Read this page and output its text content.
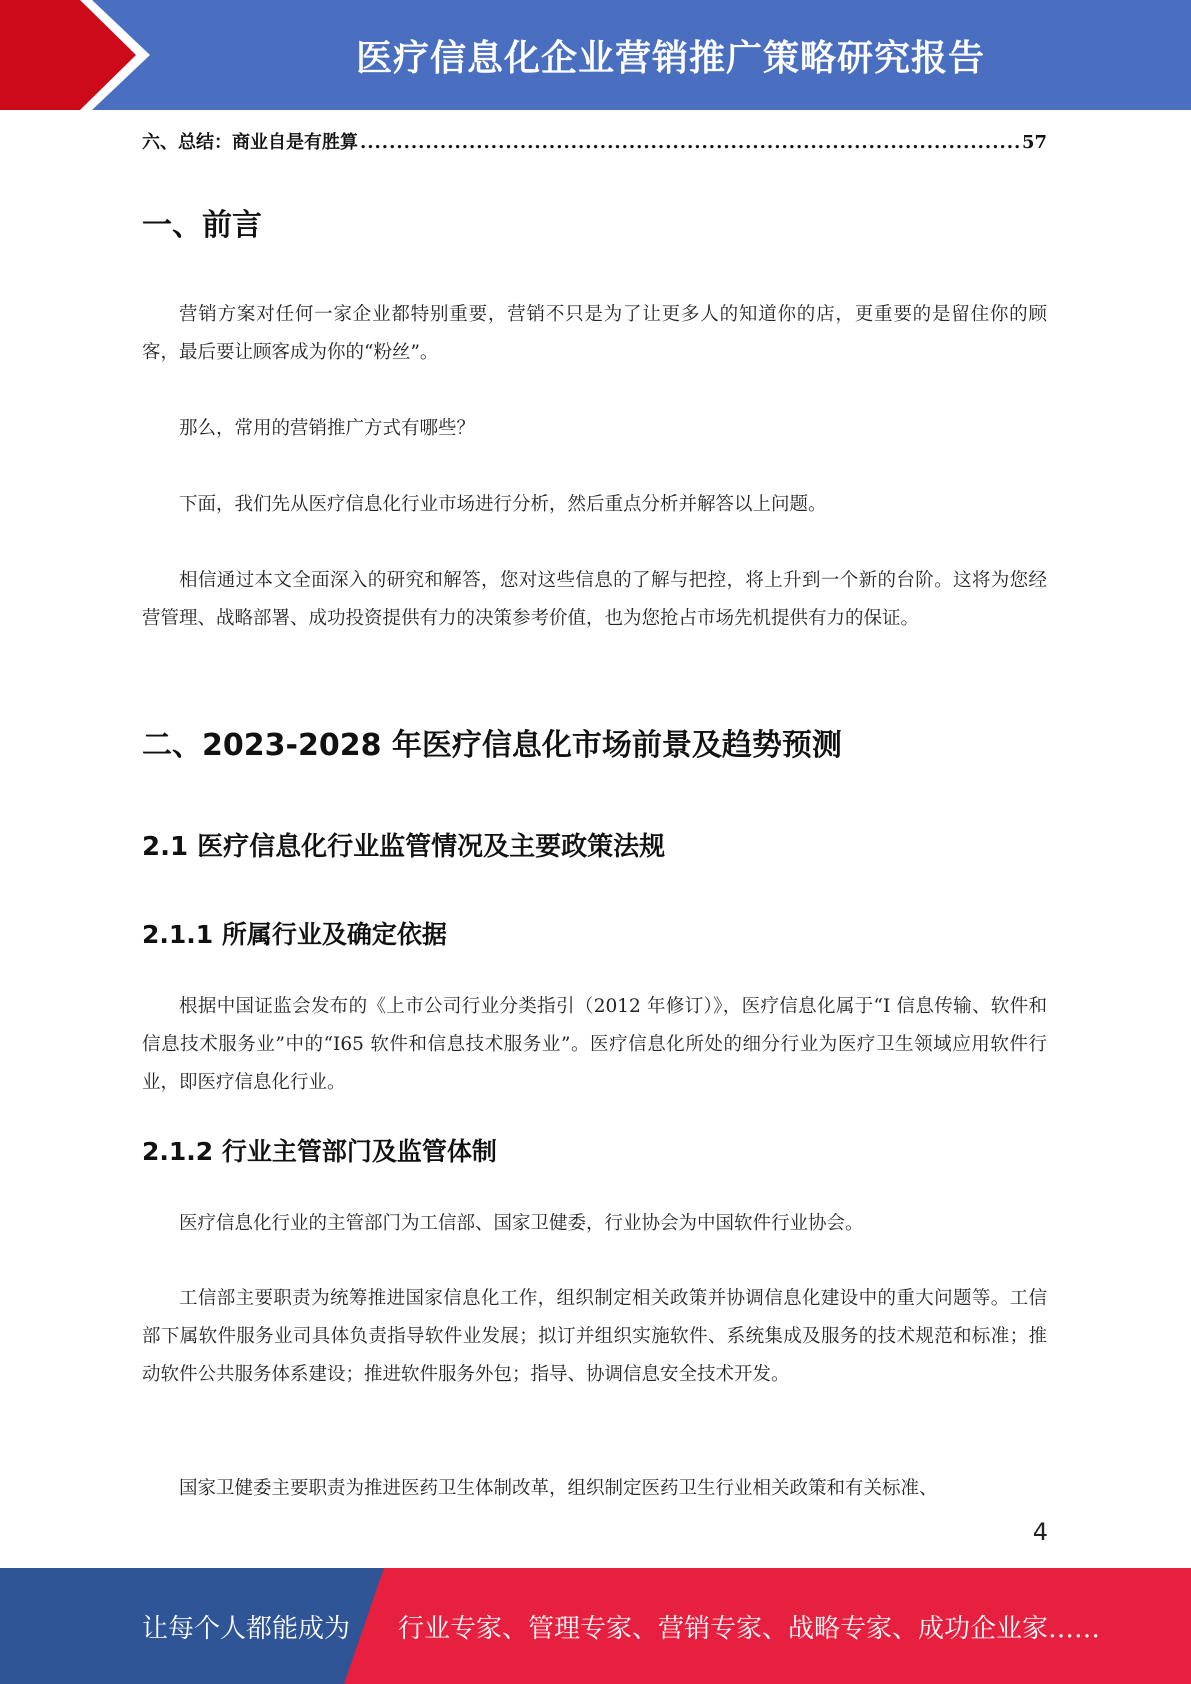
医疗信息化企业营销推广策略研究报告
六、总结：商业自是有胜算
.....	57
一、前言

营销方案对任何一家企业都特别重要，营销不只是为了让更多人的知道你的店，更重要的是留住你的顾客，最后要让顾客成为你的“粉丝”。

那么，常用的营销推广方式有哪些？

下面，我们先从医疗信息化行业市场进行分析，然后重点分析并解答以上问题。

相信通过本文全面深入的研究和解答，您对这些信息的了解与把控，将上升到一个新的台阶。这将为您经营管理、战略部署、成功投资提供有力的决策参考价值，也为您抢占市场先机提供有力的保证。

二、2023-2028 年医疗信息化市场前景及趋势预测
2.1 医疗信息化行业监管情况及主要政策法规
2.1.1 所属行业及确定依据

根据中国证监会发布的《上市公司行业分类指引（2012 年修订）》，医疗信息化属于“I 信息传输、软件和信息技术服务业”中的“I65 软件和信息技术服务业”。医疗信息化所处的细分行业为医疗卫生领域应用软件行业，即医疗信息化行业。

2.1.2 行业主管部门及监管体制

医疗信息化行业的主管部门为工信部、国家卫健委，行业协会为中国软件行业协会。

工信部主要职责为统筹推进国家信息化工作，组织制定相关政策并协调信息化建设中的重大问题等。工信部下属软件服务业司具体负责指导软件业发展；拟订并组织实施软件、系统集成及服务的技术规范和标准；推动软件公共服务体系建设；推进软件服务外包；指导、协调信息安全技术开发。

国家卫健委主要职责为推进医药卫生体制改革，组织制定医药卫生行业相关政策和有关标准、

4
让每个人都能成为 行业专家、管理专家、营销专家、战略专家、成功企业家……
